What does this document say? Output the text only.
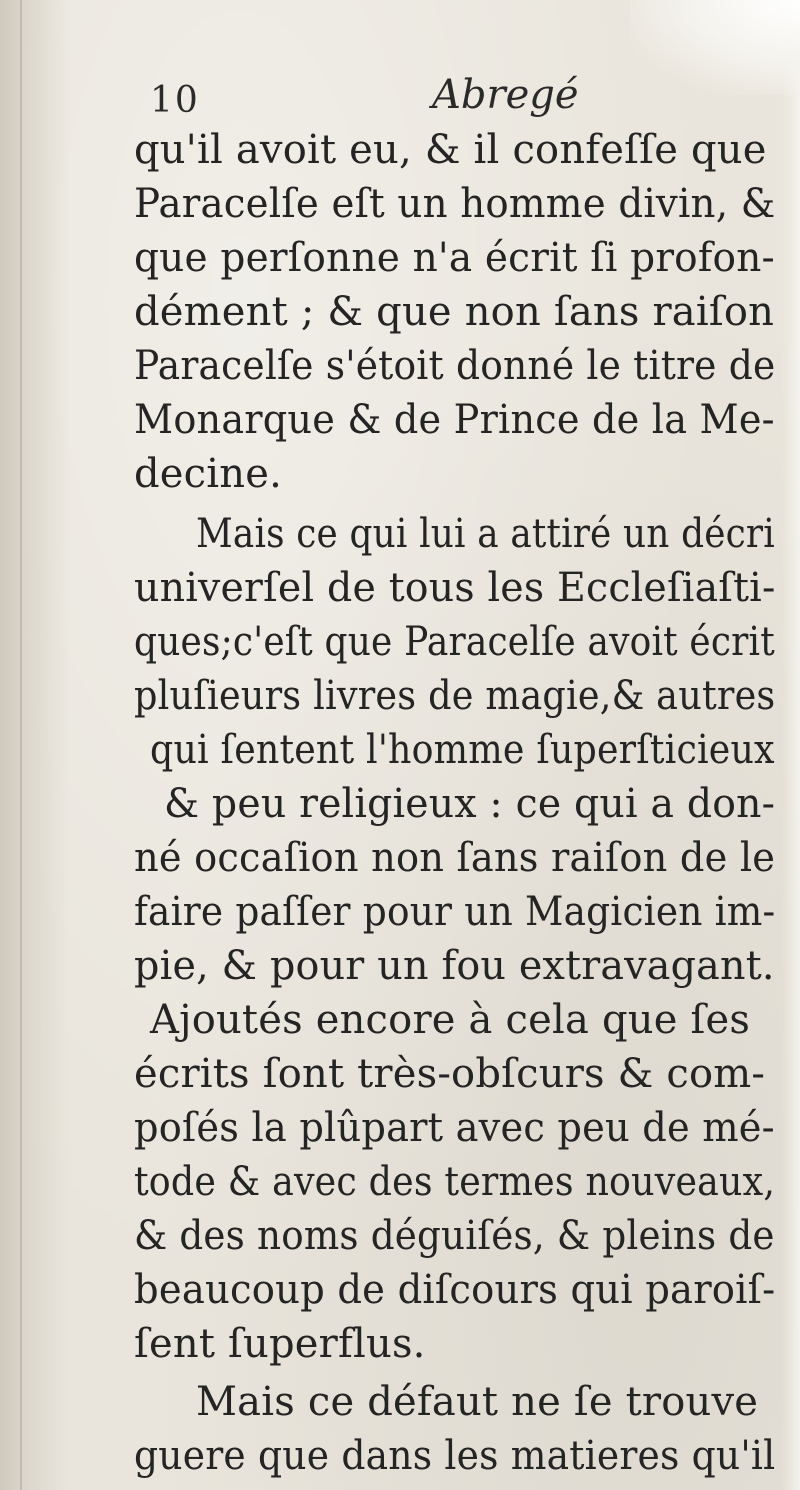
10	Abregé
qu'il avoit eu, & il confeſſe que
Paracelſe eſt un homme divin, &
que perſonne n'a écrit ſi profon-
dément ; & que non ſans raiſon
Paracelſe s'étoit donné le titre de
Monarque & de Prince de la Me-
decine.
Mais ce qui lui a attiré un décri
univerſel de tous les Eccleſiaſti-
ques;c'eſt que Paracelſe avoit écrit
pluſieurs livres de magie,& autres
qui ſentent l'homme ſuperſticieux
& peu religieux : ce qui a don-
né occaſion non ſans raiſon de le
faire paſſer pour un Magicien im-
pie, & pour un fou extravagant.
Ajoutés encore à cela que ſes
écrits ſont très-obſcurs & com-
poſés la plûpart avec peu de mé-
tode & avec des termes nouveaux,
& des noms déguiſés, & pleins de
beaucoup de diſcours qui paroiſ-
ſent ſuperflus.
Mais ce défaut ne ſe trouve
guere que dans les matieres qu'il
